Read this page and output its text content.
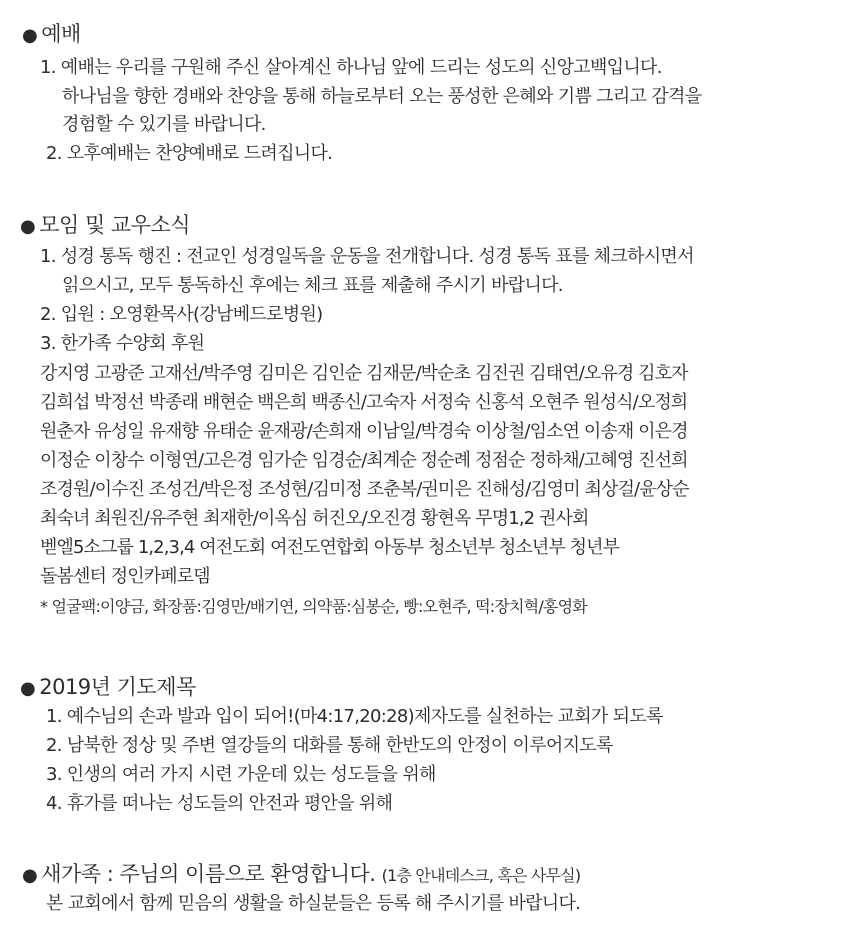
● 예배
1. 예배는 우리를 구원해 주신 살아계신 하나님 앞에 드리는 성도의 신앙고백입니다.
하나님을 향한 경배와 찬양을 통해 하늘로부터 오는 풍성한 은혜와 기쁨 그리고 감격을
경험할 수 있기를 바랍니다.
2. 오후예배는 찬양예배로 드려집니다.
● 모임 및 교우소식
1. 성경 통독 행진 : 전교인 성경일독을 운동을 전개합니다. 성경 통독 표를 체크하시면서
읽으시고, 모두 통독하신 후에는 체크 표를 제출해 주시기 바랍니다.
2. 입원 : 오영환목사(강남베드로병원)
3. 한가족 수양회 후원
강지영 고광준 고재선/박주영 김미은 김인순 김재문/박순초 김진권 김태연/오유경 김호자
김희섭 박정선 박종래 배현순 백은희 백종신/고숙자 서정숙 신홍석 오현주 원성식/오정희
원춘자 유성일 유재향 유태순 윤재광/손희재 이남일/박경숙 이상철/임소연 이송재 이은경
이정순 이창수 이형연/고은경 임가순 임경순/최계순 정순례 정점순 정하채/고혜영 진선희
조경원/이수진 조성건/박은정 조성현/김미정 조춘복/권미은 진해성/김영미 최상걸/윤상순
최숙녀 최원진/유주현 최재한/이옥심 허진오/오진경 황현옥 무명1,2 권사회
벧엘5소그룹 1,2,3,4 여전도회 여전도연합회 아동부 청소년부 청소년부 청년부
돌봄센터 정인카페로뎀
* 얼굴팩:이양금, 화장품:김영만/배기연, 의약품:심봉순, 빵:오현주, 떡:장치혁/홍영화
● 2019년 기도제목
1. 예수님의 손과 발과 입이 되어!(마4:17,20:28)제자도를 실천하는 교회가 되도록
2. 남북한 정상 및 주변 열강들의 대화를 통해 한반도의 안정이 이루어지도록
3. 인생의 여러 가지 시련 가운데 있는 성도들을 위해
4. 휴가를 떠나는 성도들의 안전과 평안을 위해
● 새가족 : 주님의 이름으로 환영합니다. (1층 안내데스크, 혹은 사무실)
본 교회에서 함께 믿음의 생활을 하실분들은 등록 해 주시기를 바랍니다.
